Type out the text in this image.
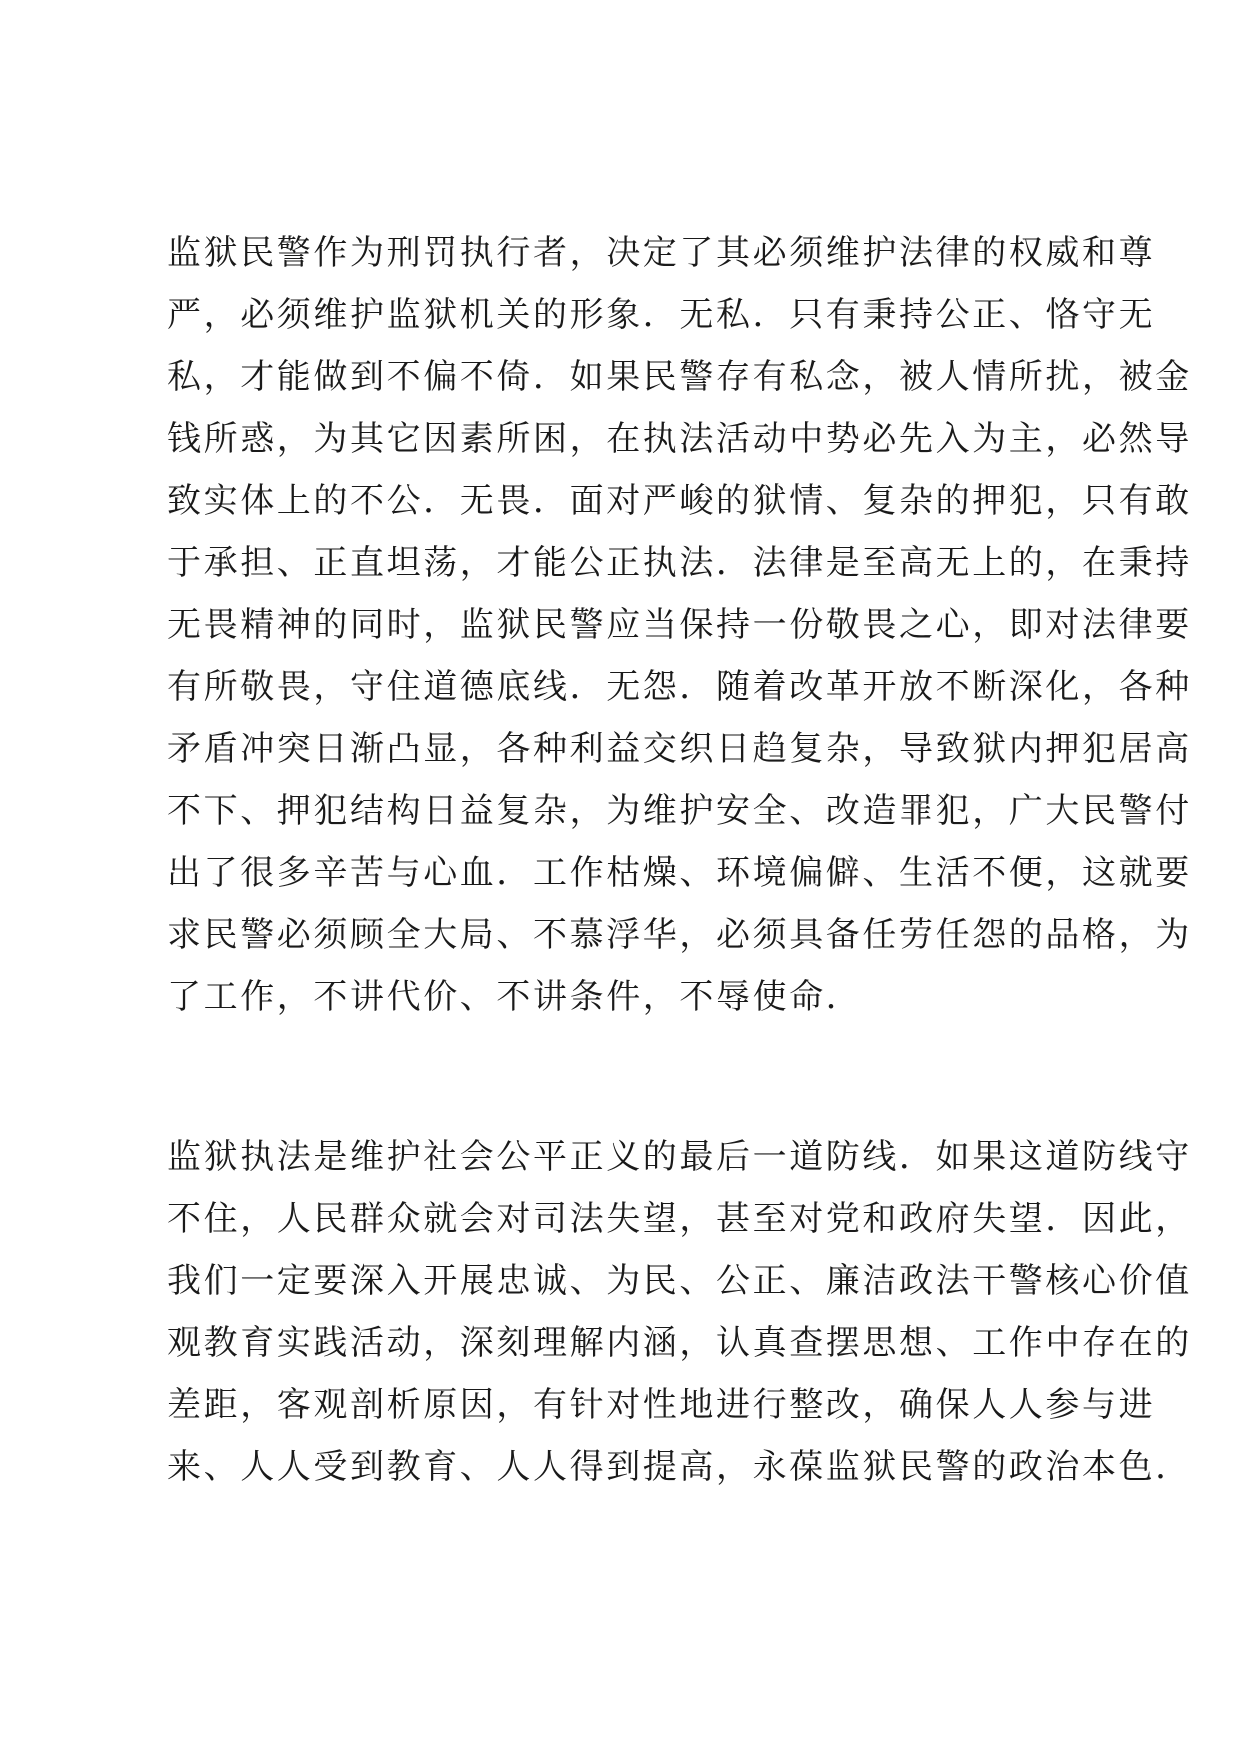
监狱民警作为刑罚执行者，决定了其必须维护法律的权威和尊
严，必须维护监狱机关的形象．无私．只有秉持公正、恪守无
私，才能做到不偏不倚．如果民警存有私念，被人情所扰，被金
钱所惑，为其它因素所困，在执法活动中势必先入为主，必然导
致实体上的不公．无畏．面对严峻的狱情、复杂的押犯，只有敢
于承担、正直坦荡，才能公正执法．法律是至高无上的，在秉持
无畏精神的同时，监狱民警应当保持一份敬畏之心，即对法律要
有所敬畏，守住道德底线．无怨．随着改革开放不断深化，各种
矛盾冲突日渐凸显，各种利益交织日趋复杂，导致狱内押犯居高
不下、押犯结构日益复杂，为维护安全、改造罪犯，广大民警付
出了很多辛苦与心血．工作枯燥、环境偏僻、生活不便，这就要
求民警必须顾全大局、不慕浮华，必须具备任劳任怨的品格，为
了工作，不讲代价、不讲条件，不辱使命．
监狱执法是维护社会公平正义的最后一道防线．如果这道防线守
不住，人民群众就会对司法失望，甚至对党和政府失望．因此，
我们一定要深入开展忠诚、为民、公正、廉洁政法干警核心价值
观教育实践活动，深刻理解内涵，认真查摆思想、工作中存在的
差距，客观剖析原因，有针对性地进行整改，确保人人参与进
来、人人受到教育、人人得到提高，永葆监狱民警的政治本色．
